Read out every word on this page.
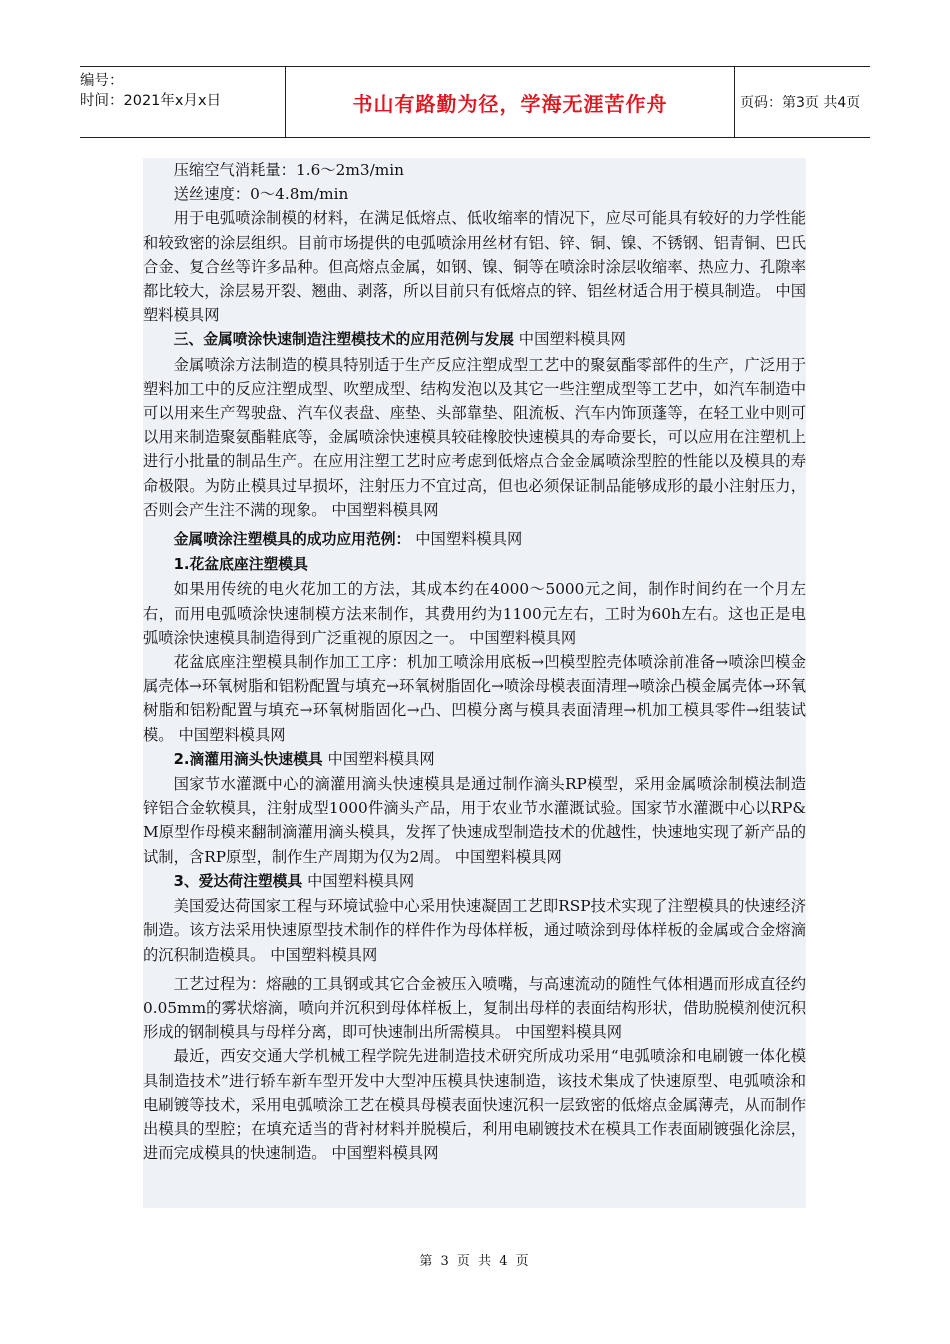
编号：
时间：2021年x月x日	书山有路勤为径，学海无涯苦作舟	页码：第3页 共4页

压缩空气消耗量：1.6～2m3/min

送丝速度：0～4.8m/min

用于电弧喷涂制模的材料，在满足低熔点、低收缩率的情况下，应尽可能具有较好的力学性能和较致密的涂层组织。目前市场提供的电弧喷涂用丝材有铝、锌、铜、镍、不锈钢、铝青铜、巴氏合金、复合丝等许多品种。但高熔点金属，如钢、镍、铜等在喷涂时涂层收缩率、热应力、孔隙率都比较大，涂层易开裂、翘曲、剥落，所以目前只有低熔点的锌、铝丝材适合用于模具制造。 中国塑料模具网

三、金属喷涂快速制造注塑模技术的应用范例与发展 中国塑料模具网

金属喷涂方法制造的模具特别适于生产反应注塑成型工艺中的聚氨酯零部件的生产，广泛用于塑料加工中的反应注塑成型、吹塑成型、结构发泡以及其它一些注塑成型等工艺中，如汽车制造中可以用来生产驾驶盘、汽车仪表盘、座垫、头部靠垫、阻流板、汽车内饰顶蓬等，在轻工业中则可以用来制造聚氨酯鞋底等，金属喷涂快速模具较硅橡胶快速模具的寿命要长，可以应用在注塑机上进行小批量的制品生产。在应用注塑工艺时应考虑到低熔点合金金属喷涂型腔的性能以及模具的寿命极限。为防止模具过早损坏，注射压力不宜过高，但也必须保证制品能够成形的最小注射压力，否则会产生注不满的现象。 中国塑料模具网

金属喷涂注塑模具的成功应用范例： 中国塑料模具网

1.花盆底座注塑模具

如果用传统的电火花加工的方法，其成本约在4000～5000元之间，制作时间约在一个月左右，而用电弧喷涂快速制模方法来制作，其费用约为1100元左右，工时为60h左右。这也正是电弧喷涂快速模具制造得到广泛重视的原因之一。 中国塑料模具网

花盆底座注塑模具制作加工工序：机加工喷涂用底板→凹模型腔壳体喷涂前准备→喷涂凹模金属壳体→环氧树脂和铝粉配置与填充→环氧树脂固化→喷涂母模表面清理→喷涂凸模金属壳体→环氧树脂和铝粉配置与填充→环氧树脂固化→凸、凹模分离与模具表面清理→机加工模具零件→组装试模。 中国塑料模具网

2.滴灌用滴头快速模具 中国塑料模具网

国家节水灌溉中心的滴灌用滴头快速模具是通过制作滴头RP模型，采用金属喷涂制模法制造锌铝合金软模具，注射成型1000件滴头产品，用于农业节水灌溉试验。国家节水灌溉中心以RP&M原型作母模来翻制滴灌用滴头模具，发挥了快速成型制造技术的优越性，快速地实现了新产品的试制，含RP原型，制作生产周期为仅为2周。 中国塑料模具网

3、爱达荷注塑模具 中国塑料模具网

美国爱达荷国家工程与环境试验中心采用快速凝固工艺即RSP技术实现了注塑模具的快速经济制造。该方法采用快速原型技术制作的样件作为母体样板，通过喷涂到母体样板的金属或合金熔滴的沉积制造模具。 中国塑料模具网

工艺过程为：熔融的工具钢或其它合金被压入喷嘴，与高速流动的随性气体相遇而形成直径约0.05mm的雾状熔滴，喷向并沉积到母体样板上，复制出母样的表面结构形状，借助脱模剂使沉积形成的钢制模具与母样分离，即可快速制出所需模具。 中国塑料模具网

最近，西安交通大学机械工程学院先进制造技术研究所成功采用“电弧喷涂和电刷镀一体化模具制造技术”进行轿车新车型开发中大型冲压模具快速制造，该技术集成了快速原型、电弧喷涂和电刷镀等技术，采用电弧喷涂工艺在模具母模表面快速沉积一层致密的低熔点金属薄壳，从而制作出模具的型腔；在填充适当的背衬材料并脱模后，利用电刷镀技术在模具工作表面刷镀强化涂层，进而完成模具的快速制造。 中国塑料模具网

第 3 页 共 4 页
